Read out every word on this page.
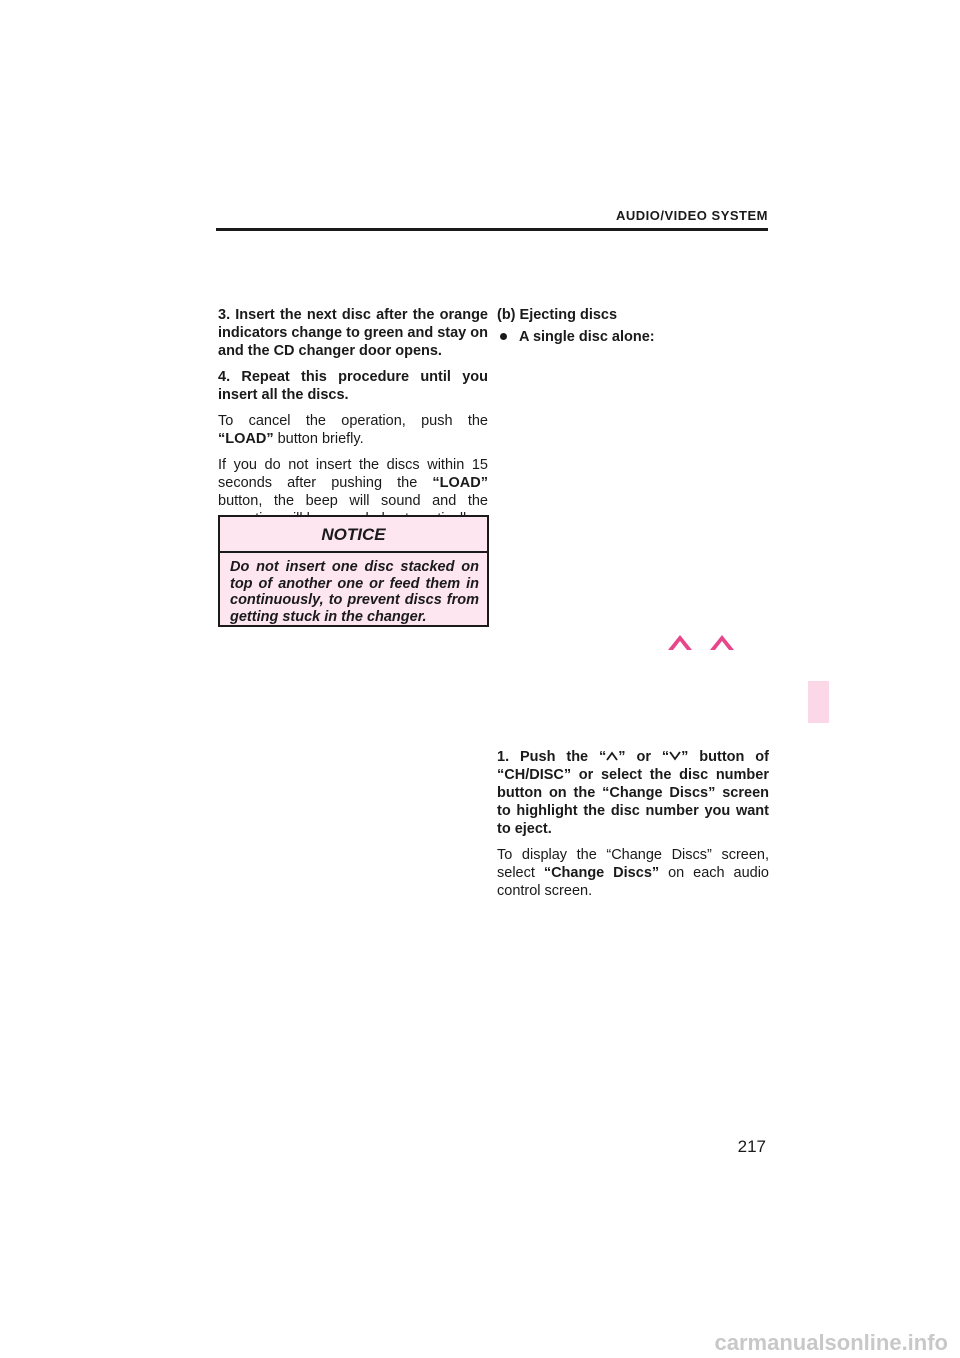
AUDIO/VIDEO SYSTEM

3. Insert the next disc after the orange indicators change to green and stay on and the CD changer door opens.

4. Repeat this procedure until you insert all the discs.

To cancel the operation, push the “LOAD” button briefly.

If you do not insert the discs within 15 seconds after pushing the “LOAD” button, the beep will sound and the

NOTICE
Do not insert one disc stacked on top of another one or feed them in continuously, to prevent discs from getting stuck in the changer.

(b) Ejecting discs

A single disc alone:

1. Push the “ ” or “ ” button of “CH/DISC” or select the disc number button on the “Change Discs” screen to highlight the disc number you want to eject.

To display the “Change Discs” screen, select “Change Discs” on each audio control screen.

217
carmanualsonline.info
